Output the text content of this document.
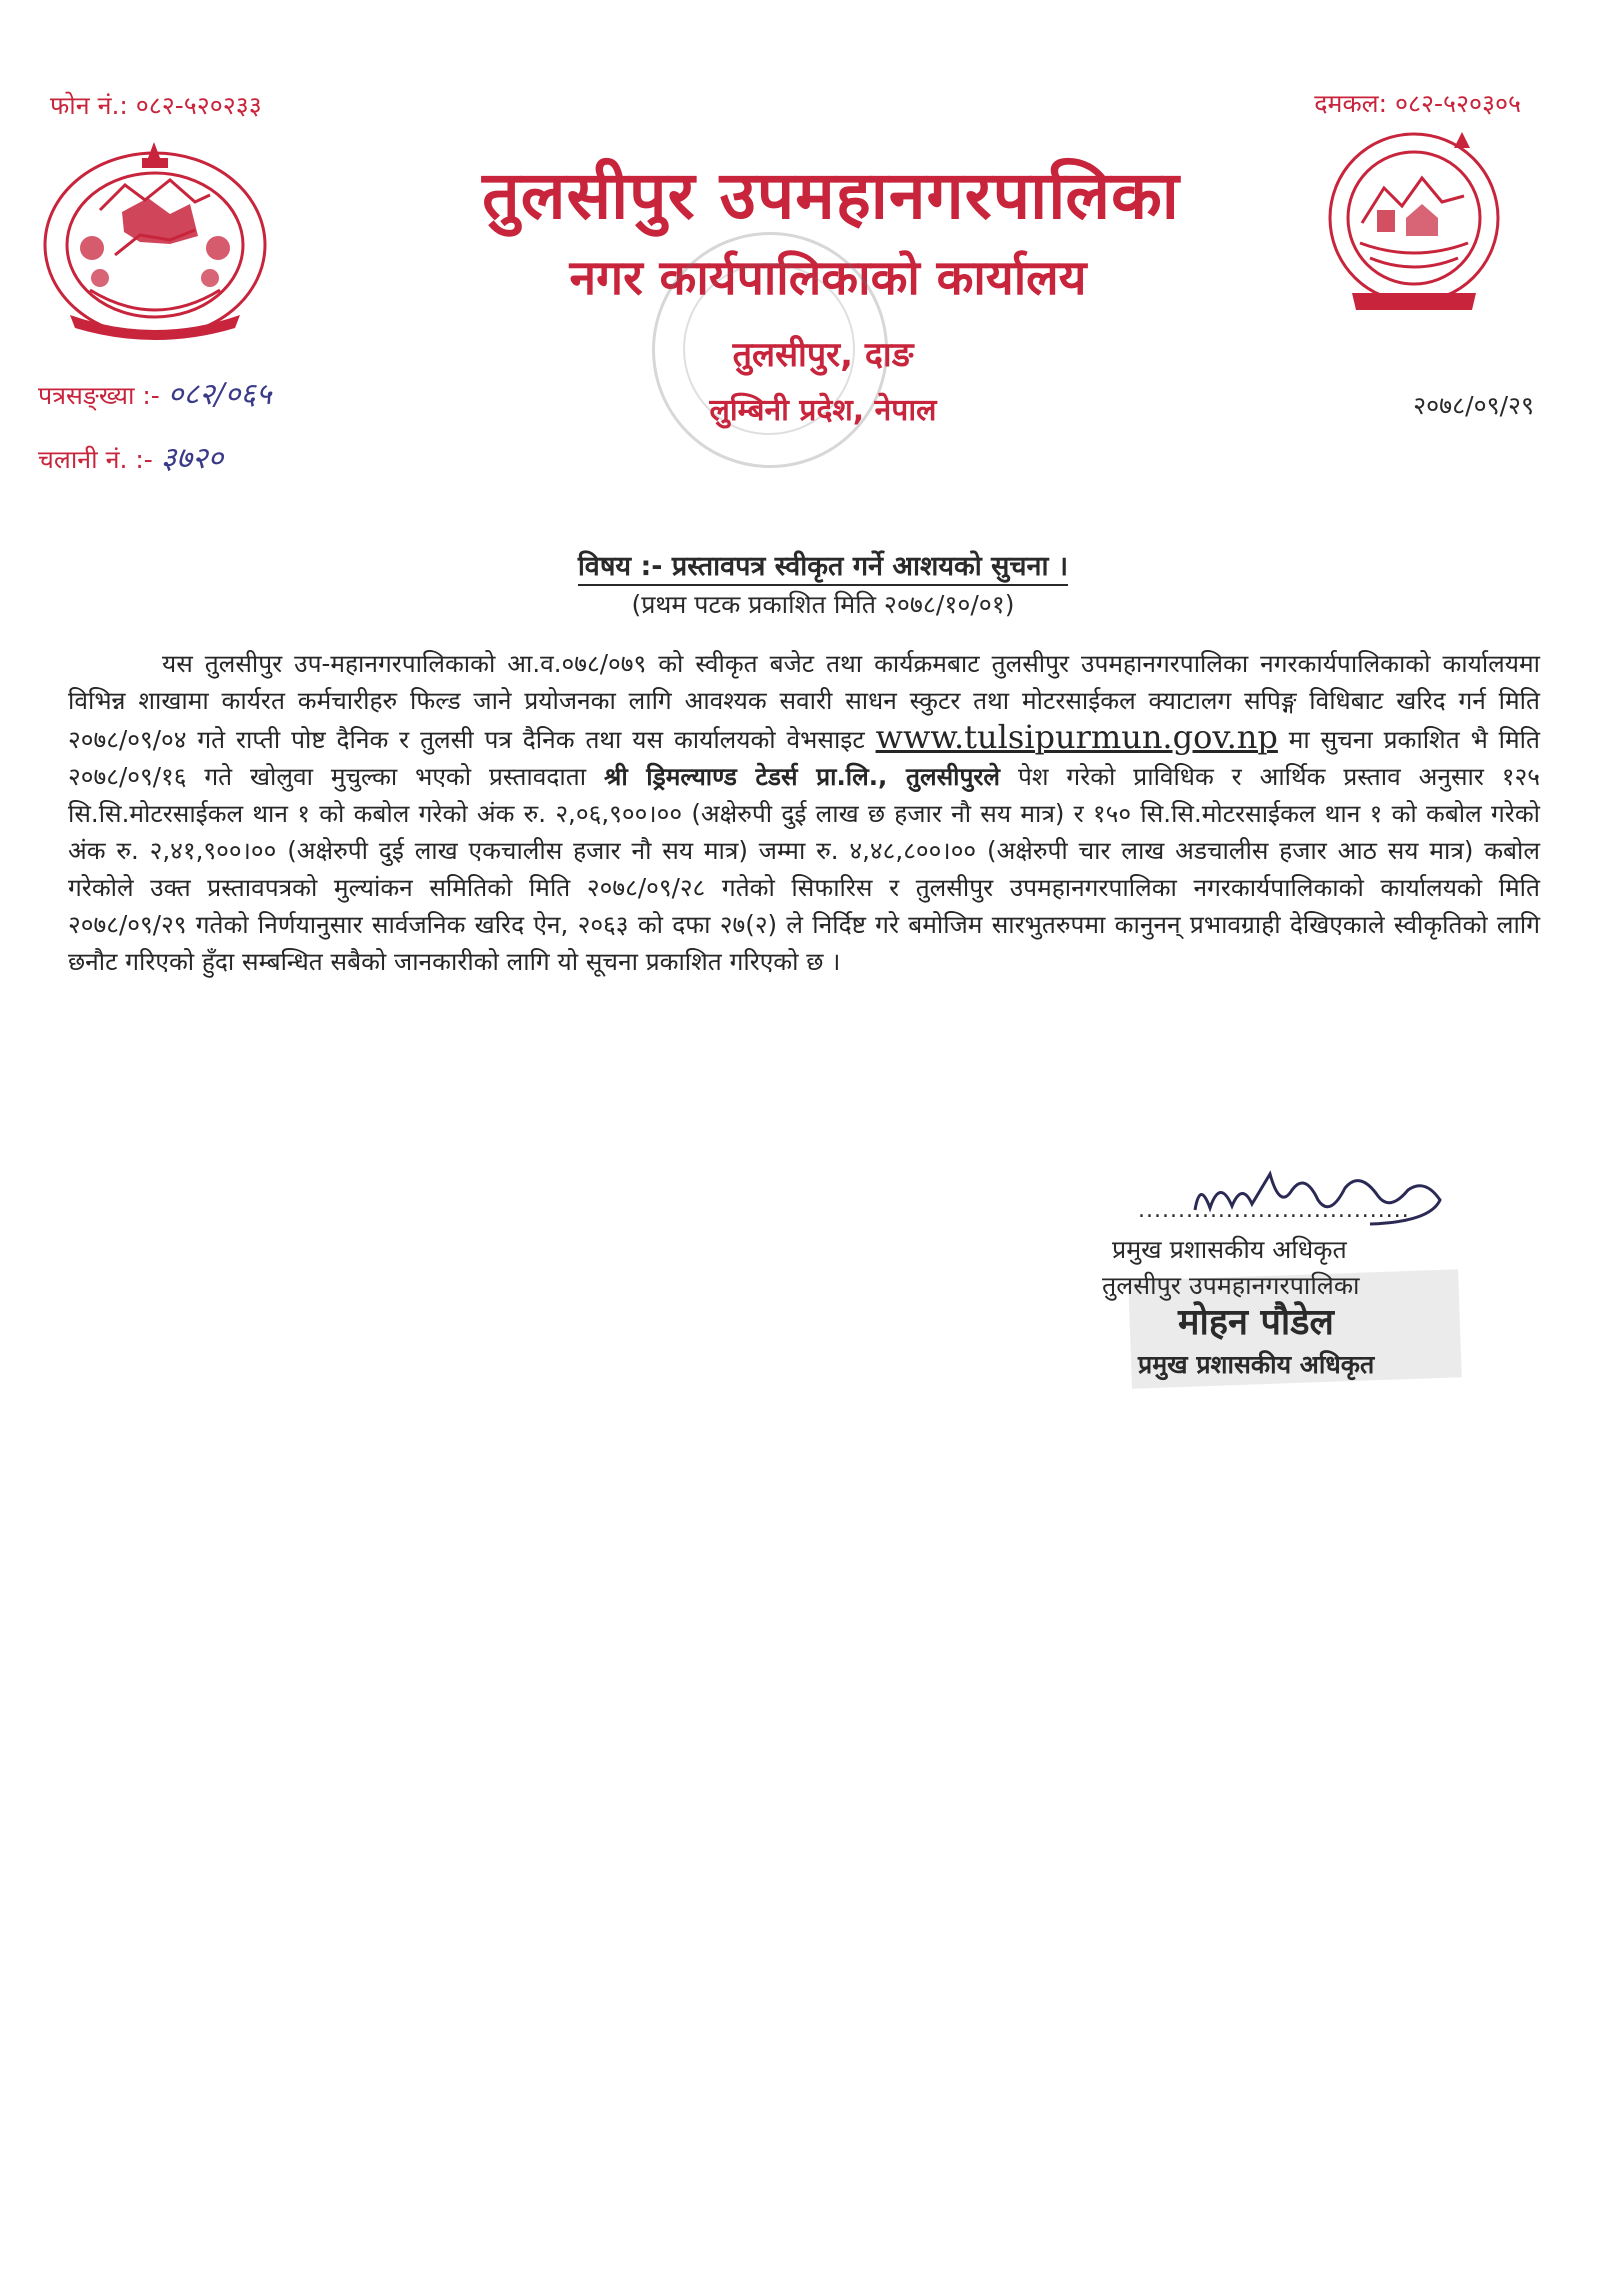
फोन नं.: ०८२-५२०२३३	दमकल: ०८२-५२०३०५
तुलसीपुर उपमहानगरपालिका
नगर कार्यपालिकाको कार्यालय
तुलसीपुर, दाङ
लुम्बिनी प्रदेश, नेपाल
पत्रसङ्ख्या :- ०८२/०६५
चलानी नं. :- ३७२०
२०७८/०९/२९
विषय :- प्रस्तावपत्र स्वीकृत गर्ने आशयको सुचना ।
(प्रथम पटक प्रकाशित मिति २०७८/१०/०१)
यस तुलसीपुर उप-महानगरपालिकाको आ.व.०७८/०७९ को स्वीकृत बजेट तथा कार्यक्रमबाट तुलसीपुर उपमहानगरपालिका नगरकार्यपालिकाको कार्यालयमा विभिन्न शाखामा कार्यरत कर्मचारीहरु फिल्ड जाने प्रयोजनका लागि आवश्यक सवारी साधन स्कुटर तथा मोटरसाईकल क्याटालग सपिङ्ग विधिबाट खरिद गर्न मिति २०७८/०९/०४ गते राप्ती पोष्ट दैनिक र तुलसी पत्र दैनिक तथा यस कार्यालयको वेभसाइट www.tulsipurmun.gov.np मा सुचना प्रकाशित भै मिति २०७८/०९/१६ गते खोलुवा मुचुल्का भएको प्रस्तावदाता श्री ड्रिमल्याण्ड टेडर्स प्रा.लि., तुलसीपुरले पेश गरेको प्राविधिक र आर्थिक प्रस्ताव अनुसार १२५ सि.सि.मोटरसाईकल थान १ को कबोल गरेको अंक रु. २,०६,९००।०० (अक्षेरुपी दुई लाख छ हजार नौ सय मात्र) र १५० सि.सि.मोटरसाईकल थान १ को कबोल गरेको अंक रु. २,४१,९००।०० (अक्षेरुपी दुई लाख एकचालीस हजार नौ सय मात्र) जम्मा रु. ४,४८,८००।०० (अक्षेरुपी चार लाख अडचालीस हजार आठ सय मात्र) कबोल गरेकोले उक्त प्रस्तावपत्रको मुल्यांकन समितिको मिति २०७८/०९/२८ गतेको सिफारिस र तुलसीपुर उपमहानगरपालिका नगरकार्यपालिकाको कार्यालयको मिति २०७८/०९/२९ गतेको निर्णयानुसार सार्वजनिक खरिद ऐन, २०६३ को दफा २७(२) ले निर्दिष्ट गरे बमोजिम सारभुतरुपमा कानुनन् प्रभावग्राही देखिएकाले स्वीकृतिको लागि छनौट गरिएको हुँदा सम्बन्धित सबैको जानकारीको लागि यो सूचना प्रकाशित गरिएको छ ।
..................................
प्रमुख प्रशासकीय अधिकृत
तुलसीपुर उपमहानगरपालिका
मोहन पौडेल
प्रमुख प्रशासकीय अधिकृत
